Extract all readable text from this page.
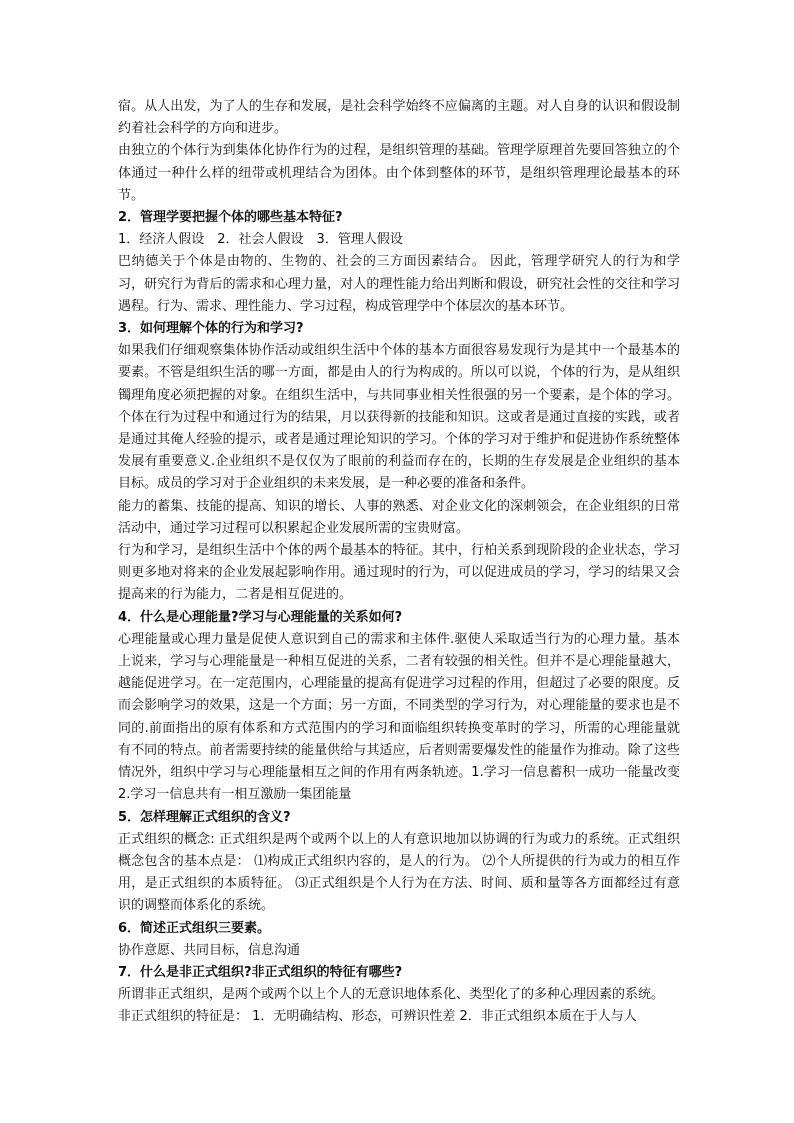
宿。从人出发，为了人的生存和发展，是社会科学始终不应偏离的主题。对人自身的认识和假设制约着社会科学的方向和进步。

由独立的个体行为到集体化协作行为的过程，是组织管理的基础。管理学原理首先要回答独立的个体通过一种什么样的纽带或机理结合为团体。由个体到整体的环节，是组织管理理论最基本的环节。

2．管理学要把握个体的哪些基本特征?

1．经济人假设　2．社会人假设　3．管理人假设

巴纳德关于个体是由物的、生物的、社会的三方面因素结合。 因此，管理学研究人的行为和学习，研究行为背后的需求和心理力量，对人的理性能力给出判断和假设，研究社会性的交往和学习遇程。行为、需求、理性能力、学习过程，构成管理学中个体层次的基本环节。

3．如何理解个体的行为和学习?

如果我们仔细观察集体协作活动或组织生活中个体的基本方面很容易发现行为是其中一个最基本的要素。不管是组织生活的哪一方面，都是由人的行为构成的。所以可以说，个体的行为，是从组织镯理角度必须把握的对象。在组织生活中，与共同事业相关性很强的另一个要素，是个体的学习。个体在行为过程中和通过行为的结果，月以获得新的技能和知识。这或者是通过直接的实践，或者是通过其俺人经验的提示，或者是通过理论知识的学习。个体的学习对于维护和促进协作系统整体发展有重要意义.企业组织不是仅仅为了眼前的利益而存在的，长期的生存发展是企业组织的基本目标。成员的学习对于企业组织的未来发展，是一种必要的准备和条件。

能力的蓄集、技能的提高、知识的增长、人事的熟悉、对企业文化的深刺领会，在企业组织的日常活动中，通过学习过程可以积累起企业发展所需的宝贵财富。

行为和学习，是组织生活中个体的两个最基本的特征。其中，行柏关系到现阶段的企业状态，学习则更多地对将来的企业发展起影响作用。通过现时的行为，可以促进成员的学习，学习的结果又会提高来的行为能力，二者是相互促进的。

4．什么是心理能量?学习与心理能量的关系如何?

心理能量或心理力量是促使人意识到自己的需求和主体件.驱使人采取适当行为的心理力量。基本上说来，学习与心理能量是一种相互促进的关系，二者有较强的相关性。但并不是心理能量越大，越能促进学习。在一定范围内，心理能量的提高有促进学习过程的作用，但超过了必要的限度。反而会影响学习的效果，这是一个方面；另一方面，不同类型的学习行为，对心理能量的要求也是不同的.前面指出的原有体系和方式范围内的学习和面临组织转换变革时的学习，所需的心理能量就有不同的特点。前者需要持续的能量供给与其适应，后者则需要爆发性的能量作为推动。除了这些情况外，组织中学习与心理能量相互之间的作用有两条轨迹。1.学习一信息蓄积一成功一能量改变 2.学习一信息共有一相互激励一集团能量

5．怎样理解正式组织的含义?

正式组织的概念: 正式组织是两个或两个以上的人有意识地加以协调的行为或力的系统。正式组织概念包含的基本点是： ⑴构成正式组织内容的，是人的行为。 ⑵个人所提供的行为或力的相互作用，是正式组织的本质特征。 ⑶正式组织是个人行为在方法、时间、质和量等各方面都经过有意识的调整而体系化的系统。

6．简述正式组织三要素。

协作意愿、共同目标，信息沟通

7．什么是非正式组织?非正式组织的特征有哪些?

所谓非正式组织，是两个或两个以上个人的无意识地体系化、类型化了的多种心理因素的系统。

非正式组织的特征是： 1．无明确结构、形态，可辨识性差 2．非正式组织本质在于人与人
